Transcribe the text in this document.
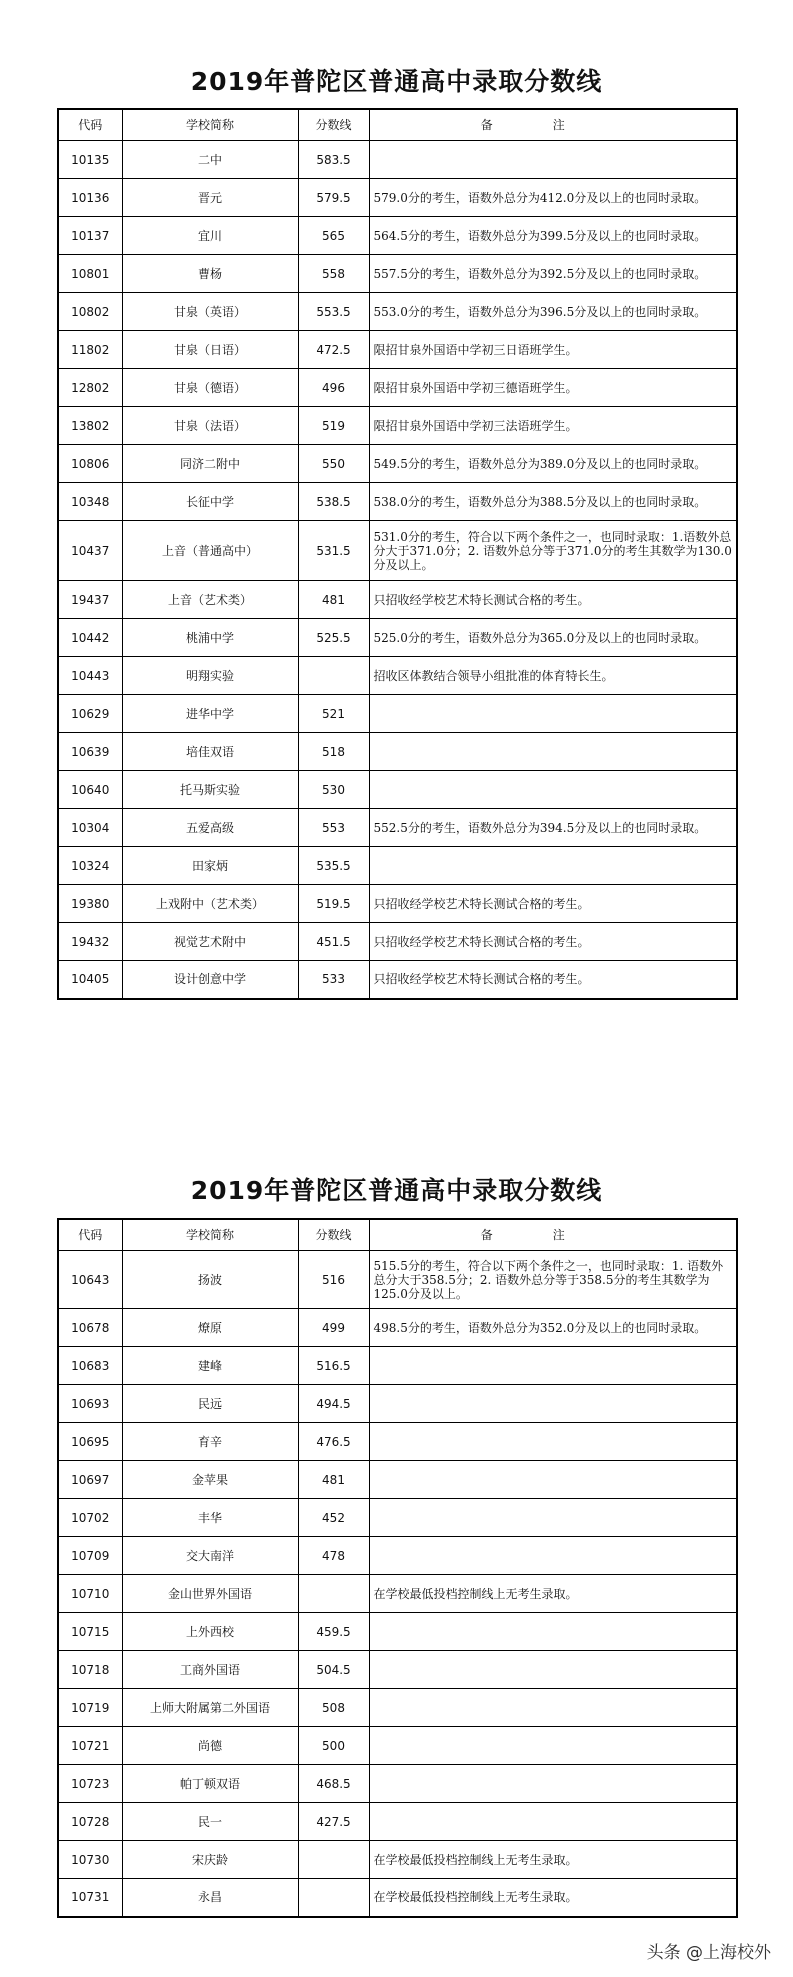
2019年普陀区普通高中录取分数线
代码	学校简称	分数线	备注
10135	二中	583.5	
10136	晋元	579.5	579.0分的考生，语数外总分为412.0分及以上的也同时录取。
10137	宜川	565	564.5分的考生，语数外总分为399.5分及以上的也同时录取。
10801	曹杨	558	557.5分的考生，语数外总分为392.5分及以上的也同时录取。
10802	甘泉（英语）	553.5	553.0分的考生，语数外总分为396.5分及以上的也同时录取。
11802	甘泉（日语）	472.5	限招甘泉外国语中学初三日语班学生。
12802	甘泉（德语）	496	限招甘泉外国语中学初三德语班学生。
13802	甘泉（法语）	519	限招甘泉外国语中学初三法语班学生。
10806	同济二附中	550	549.5分的考生，语数外总分为389.0分及以上的也同时录取。
10348	长征中学	538.5	538.0分的考生，语数外总分为388.5分及以上的也同时录取。
10437	上音（普通高中）	531.5	531.0分的考生，符合以下两个条件之一，也同时录取：1.语数外总分大于371.0分；2. 语数外总分等于371.0分的考生其数学为130.0分及以上。
19437	上音（艺术类）	481	只招收经学校艺术特长测试合格的考生。
10442	桃浦中学	525.5	525.0分的考生，语数外总分为365.0分及以上的也同时录取。
10443	明翔实验		招收区体教结合领导小组批准的体育特长生。
10629	进华中学	521	
10639	培佳双语	518	
10640	托马斯实验	530	
10304	五爱高级	553	552.5分的考生，语数外总分为394.5分及以上的也同时录取。
10324	田家炳	535.5	
19380	上戏附中（艺术类）	519.5	只招收经学校艺术特长测试合格的考生。
19432	视觉艺术附中	451.5	只招收经学校艺术特长测试合格的考生。
10405	设计创意中学	533	只招收经学校艺术特长测试合格的考生。
2019年普陀区普通高中录取分数线
代码	学校简称	分数线	备注
10643	扬波	516	515.5分的考生，符合以下两个条件之一，也同时录取：1. 语数外总分大于358.5分；2. 语数外总分等于358.5分的考生其数学为125.0分及以上。
10678	燎原	499	498.5分的考生，语数外总分为352.0分及以上的也同时录取。
10683	建峰	516.5	
10693	民远	494.5	
10695	育辛	476.5	
10697	金苹果	481	
10702	丰华	452	
10709	交大南洋	478	
10710	金山世界外国语		在学校最低投档控制线上无考生录取。
10715	上外西校	459.5	
10718	工商外国语	504.5	
10719	上师大附属第二外国语	508	
10721	尚德	500	
10723	帕丁顿双语	468.5	
10728	民一	427.5	
10730	宋庆龄		在学校最低投档控制线上无考生录取。
10731	永昌		在学校最低投档控制线上无考生录取。
头条 @上海校外
